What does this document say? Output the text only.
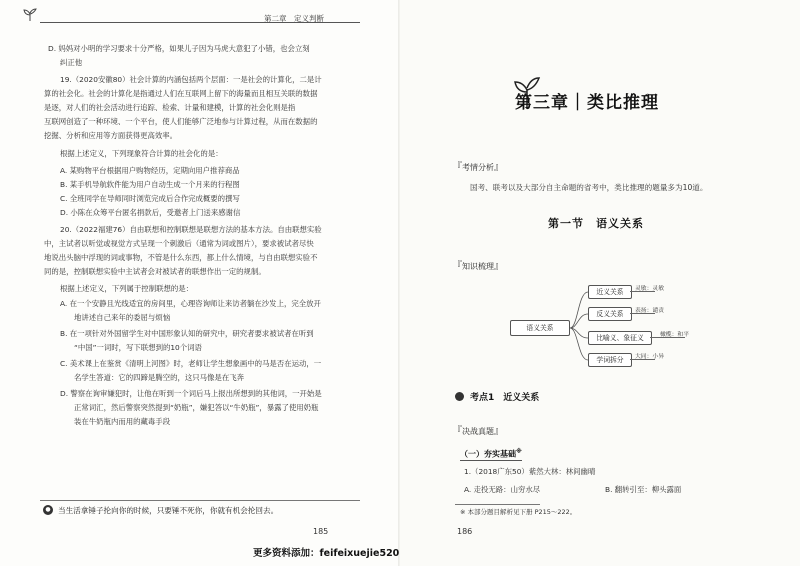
第二章　定义判断
D. 妈妈对小明的学习要求十分严格，如果儿子因为马虎大意犯了小错，也会立刻
纠正他
19.（2020安徽80）社会计算的内涵包括两个层面：一是社会的计算化，二是计
算的社会化。社会的计算化是指通过人们在互联网上留下的海量而且相互关联的数据
是逐，对人们的社会活动进行追踪、检索、计量和建模，计算的社会化则是指
互联网创造了一种环境、一个平台，使人们能够广泛地参与计算过程，从而在数据的
挖掘、分析和应用等方面获得更高效率。
根据上述定义，下列现象符合计算的社会化的是：
A. 某购物平台根据用户购物经历，定期向用户推荐商品
B. 某手机导航软件能为用户自动生成一个月来的行程图
C. 全班同学在导师同时浏览完成后合作完成概要的撰写
D. 小陈在众筹平台匿名捐款后，受邀者上门送来感谢信
20.（2022福建76）自由联想和控制联想是联想方法的基本方法。自由联想实验
中，主试者以听觉或视觉方式呈现一个刺激后（通常为词或图片），要求被试者尽快
地说出头脑中浮现的词或事物，不管是什么东西，都上什么情境，与自由联想实验不
同的是，控制联想实验中主试者会对被试者的联想作出一定的规制。
根据上述定义，下列属于控制联想的是：
A. 在一个安静且光线适宜的房间里，心理咨询师让来访者躺在沙发上，完全放开
地讲述自己来年的委屈与烦恼
B. 在一项针对外国留学生对中国形象认知的研究中，研究者要求被试者在听到
“中国”一词时，写下联想到的10个词语
C. 美术课上在鉴赏《清明上河图》时，老师让学生想象画中的马是否在运动，一
名学生答道：它的四蹄是腾空的，这只马像是在飞奔
D. 警察在询审嫌犯时，让他在听到一个词后马上报出所想到的其他词，一开始是
正常词汇，然后警察突然提到“奶瓶”，嫌犯答以“牛奶瓶”，暴露了使用奶瓶
装在牛奶瓶内而用的藏毒手段
● 当生活拿锤子抡向你的时候，只要锤不死你，你就有机会抡回去。
185
第三章｜类比推理
『考情分析』
国考、联考以及大部分自主命题的省考中，类比推理的题量多为10道。
第一节　语义关系
『知识梳理』
语义关系
近义关系	灵敏：灵敏
反义关系	表扬：谴责
比喻义、象征义	橄榄：和平
学词拆分	大同：小异
考点1　近义关系
『决战真题』
（一）夯实基础※
1.（2018广东50）紫然大林：林间幽晴
A. 走投无路：山穷水尽	B. 翻转引至：柳头露面
※ 本部分题目解析见下册 P215～222。
186
更多资料添加：feifeixuejie520
